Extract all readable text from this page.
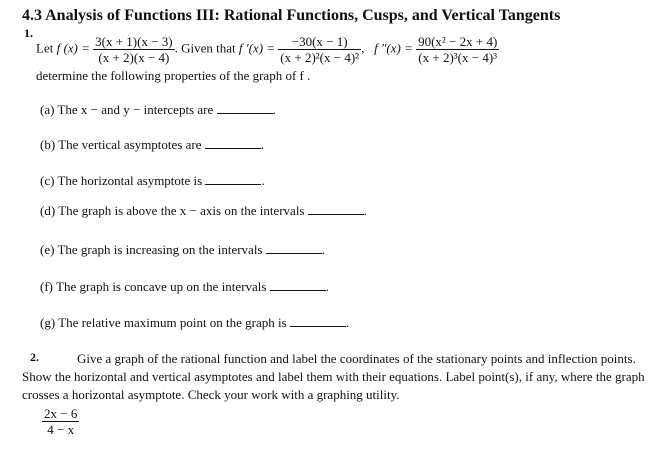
4.3 Analysis of Functions III: Rational Functions, Cusps, and Vertical Tangents
1.
Let f $(x) = \frac{3(x + 1)(x - 3)}{(x + 2)(x - 4)}$ . Given that f $'(x) = \frac{-30(x - 1)}{\text{(x + 2)²(x − 4)²}}$ , f $''(x) = \frac{\text{90(x² − 2x + 4)}}{\text{(x + 2)³(x − 4)³}}$
determine the following properties of the graph of f .
(a) The x − and y − intercepts are	.
(b) The vertical asymptotes are	.
(c) The horizontal asymptote is	.
(d) The graph is above the x − axis on the intervals	.
(e) The graph is increasing on the intervals	.
(f) The graph is concave up on the intervals	.
(g) The relative maximum point on the graph is	.
2.	Give a graph of the rational function and label the coordinates of the stationary points and inflection points. Show the horizontal and vertical asymptotes and label them with their equations. Label point(s), if any, where the graph crosses a horizontal asymptote. Check your work with a graphing utility.
$\frac{2x - 6}{4 - x}$
